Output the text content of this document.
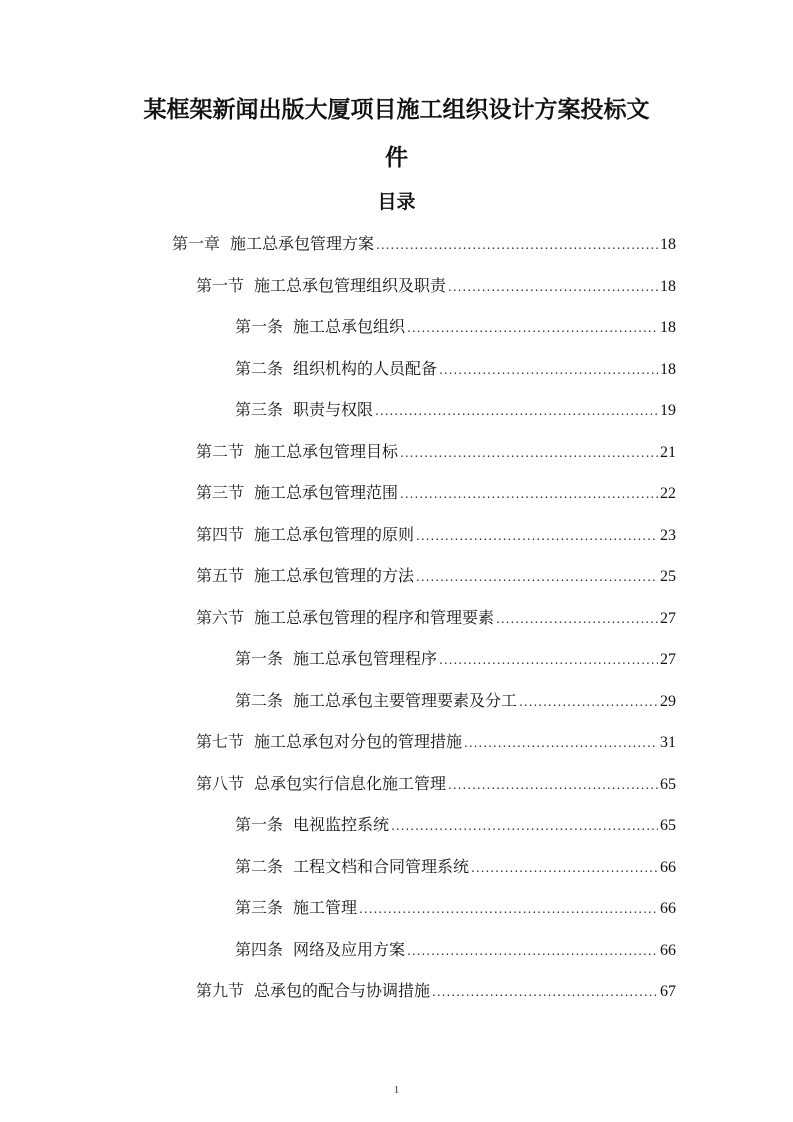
某框架新闻出版大厦项目施工组织设计方案投标文
件
目录
第一章 施工总承包管理方案 .....	18
第一节 施工总承包管理组织及职责 .....	18
第一条 施工总承包组织 .....	18
第二条 组织机构的人员配备 .....	18
第三条 职责与权限 .....	19
第二节 施工总承包管理目标 .....	21
第三节 施工总承包管理范围 .....	22
第四节 施工总承包管理的原则 .....	23
第五节 施工总承包管理的方法 .....	25
第六节 施工总承包管理的程序和管理要素 .....	27
第一条 施工总承包管理程序 .....	27
第二条 施工总承包主要管理要素及分工 .....	29
第七节 施工总承包对分包的管理措施 .....	31
第八节 总承包实行信息化施工管理 .....	65
第一条 电视监控系统 .....	65
第二条 工程文档和合同管理系统 .....	66
第三条 施工管理 .....	66
第四条 网络及应用方案 .....	66
第九节 总承包的配合与协调措施 .....	67
1
